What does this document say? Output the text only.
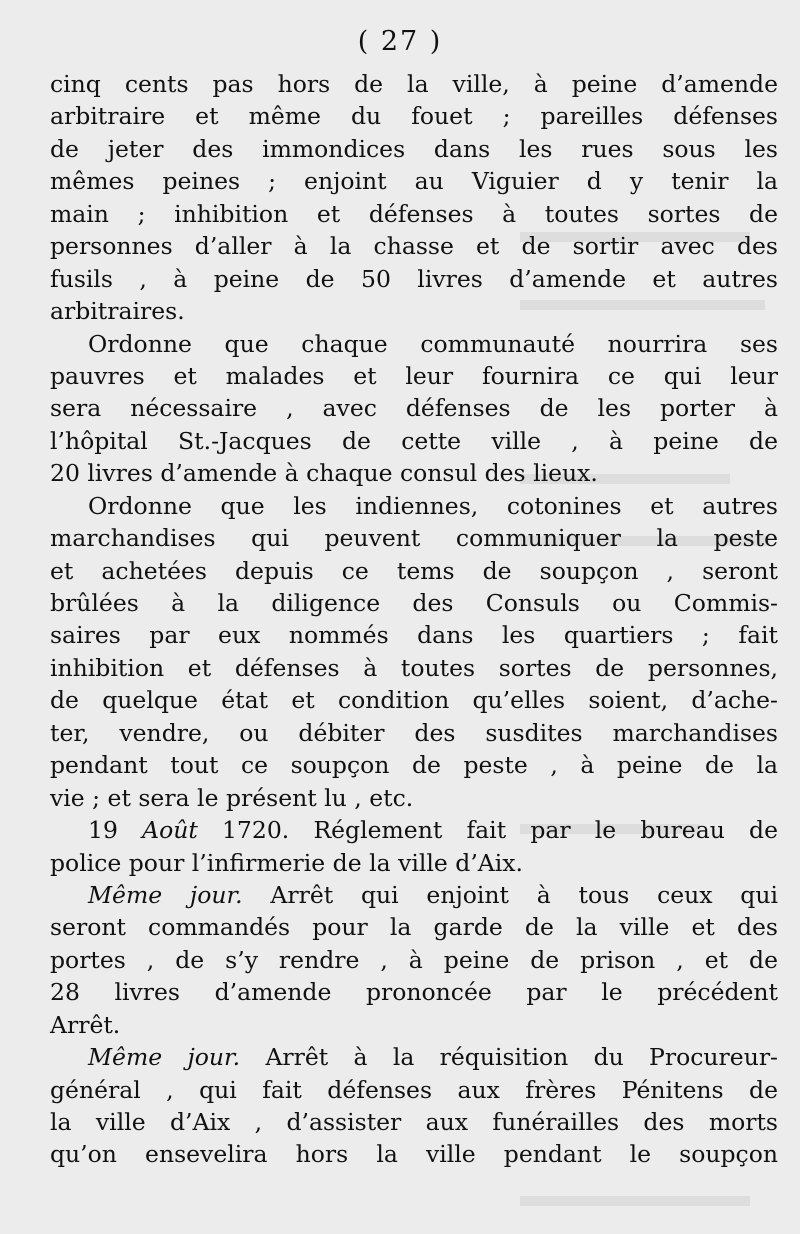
( 27 )
cinq cents pas hors de la ville, à peine d’amende
arbitraire et même du fouet ; pareilles défenses
de jeter des immondices dans les rues sous les
mêmes peines ; enjoint au Viguier d y tenir la
main ; inhibition et défenses à toutes sortes de
personnes d’aller à la chasse et de sortir avec des
fusils , à peine de 50 livres d’amende et autres
arbitraires.
Ordonne que chaque communauté nourrira ses
pauvres et malades et leur fournira ce qui leur
sera nécessaire , avec défenses de les porter à
l’hôpital St.-Jacques de cette ville , à peine de
20 livres d’amende à chaque consul des lieux.
Ordonne que les indiennes, cotonines et autres
marchandises qui peuvent communiquer la peste
et achetées depuis ce tems de soupçon , seront
brûlées à la diligence des Consuls ou Commis-
saires par eux nommés dans les quartiers ; fait
inhibition et défenses à toutes sortes de personnes,
de quelque état et condition qu’elles soient, d’ache-
ter, vendre, ou débiter des susdites marchandises
pendant tout ce soupçon de peste , à peine de la
vie ; et sera le présent lu , etc.
19 Août 1720. Réglement fait par le bureau de
police pour l’infirmerie de la ville d’Aix.
Même jour. Arrêt qui enjoint à tous ceux qui
seront commandés pour la garde de la ville et des
portes , de s’y rendre , à peine de prison , et de
28 livres d’amende prononcée par le précédent
Arrêt.
Même jour. Arrêt à la réquisition du Procureur-
général , qui fait défenses aux frères Pénitens de
la ville d’Aix , d’assister aux funérailles des morts
qu’on ensevelira hors la ville pendant le soupçon
